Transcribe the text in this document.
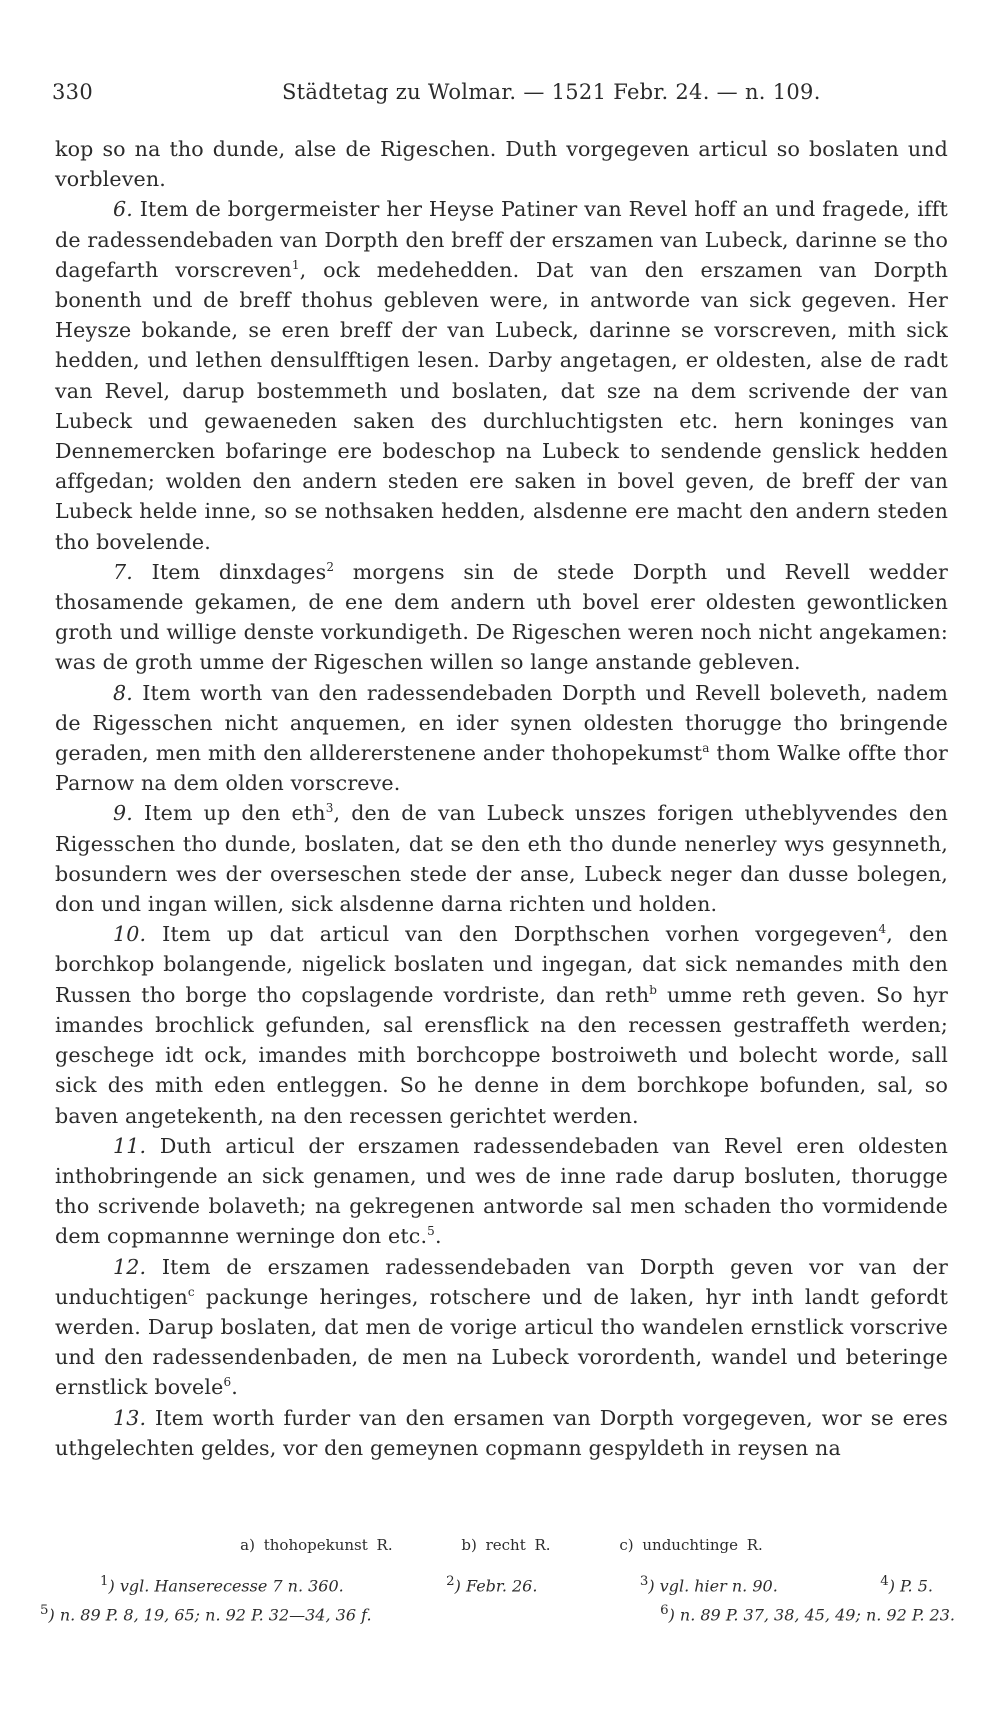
330	Städtetag zu Wolmar. — 1521 Febr. 24. — n. 109.

kop so na tho dunde, alse de Rigeschen. Duth vorgegeven articul so boslaten und vorbleven.

6. Item de borgermeister her Heyse Patiner van Revel hoff an und fragede, ifft de radessendebaden van Dorpth den breff der erszamen van Lubeck, darinne se tho dagefarth vorscreven$^1$, ock medehedden. Dat van den erszamen van Dorpth bonenth und de breff thohus gebleven were, in antworde van sick gegeven. Her Heysze bokande, se eren breff der van Lubeck, darinne se vorscreven, mith sick hedden, und lethen densulfftigen lesen. Darby angetagen, er oldesten, alse de radt van Revel, darup bostemmeth und boslaten, dat sze na dem scrivende der van Lubeck und gewaeneden saken des durchluchtigsten etc. hern koninges van Dennemercken bofaringe ere bodeschop na Lubeck to sendende genslick hedden affgedan; wolden den andern steden ere saken in bovel geven, de breff der van Lubeck helde inne, so se nothsaken hedden, alsdenne ere macht den andern steden tho bovelende.

7. Item dinxdages$^2$ morgens sin de stede Dorpth und Revell wedder thosamende gekamen, de ene dem andern uth bovel erer oldesten gewontlicken groth und willige denste vorkundigeth. De Rigeschen weren noch nicht angekamen: was de groth umme der Rigeschen willen so lange anstande gebleven.

8. Item worth van den radessendebaden Dorpth und Revell boleveth, nadem de Rigesschen nicht anquemen, en ider synen oldesten thorugge tho bringende geraden, men mith den alldererstenene ander thohopekumst$^a$ thom Walke offte thor Parnow na dem olden vorscreve.

9. Item up den eth$^3$, den de van Lubeck unszes forigen utheblyvendes den Rigesschen tho dunde, boslaten, dat se den eth tho dunde nenerley wys gesynneth, bosundern wes der overseschen stede der anse, Lubeck neger dan dusse bolegen, don und ingan willen, sick alsdenne darna richten und holden.

10. Item up dat articul van den Dorpthschen vorhen vorgegeven$^4$, den borchkop bolangende, nigelick boslaten und ingegan, dat sick nemandes mith den Russen tho borge tho copslagende vordriste, dan reth$^b$ umme reth geven. So hyr imandes brochlick gefunden, sal erensflick na den recessen gestraffeth werden; geschege idt ock, imandes mith borchcoppe bostroiweth und bolecht worde, sall sick des mith eden entleggen. So he denne in dem borchkope bofunden, sal, so baven angetekenth, na den recessen gerichtet werden.

11. Duth articul der erszamen radessendebaden van Revel eren oldesten inthobringende an sick genamen, und wes de inne rade darup bosluten, thorugge tho scrivende bolaveth; na gekregenen antworde sal men schaden tho vormidende dem copmannne werninge don etc.$^5$.

12. Item de erszamen radessendebaden van Dorpth geven vor van der unduchtigen$^c$ packunge heringes, rotschere und de laken, hyr inth landt gefordt werden. Darup boslaten, dat men de vorige articul tho wandelen ernstlick vorscrive und den radessendenbaden, de men na Lubeck vorordenth, wandel und beteringe ernstlick bovele$^6$.

13. Item worth furder van den ersamen van Dorpth vorgegeven, wor se eres uthgelechten geldes, vor den gemeynen copmann gespyldeth in reysen na

a) thohopekunst R.	b) recht R.	c) unduchtinge R.
$^1$) vgl. Hanserecesse 7 n. 360.	$^2$) Febr. 26.	$^3$) vgl. hier n. 90.	$^4$) P. 5.
$^5$) n. 89 P. 8, 19, 65; n. 92 P. 32—34, 36 f.	$^6$) n. 89 P. 37, 38, 45, 49; n. 92 P. 23.
